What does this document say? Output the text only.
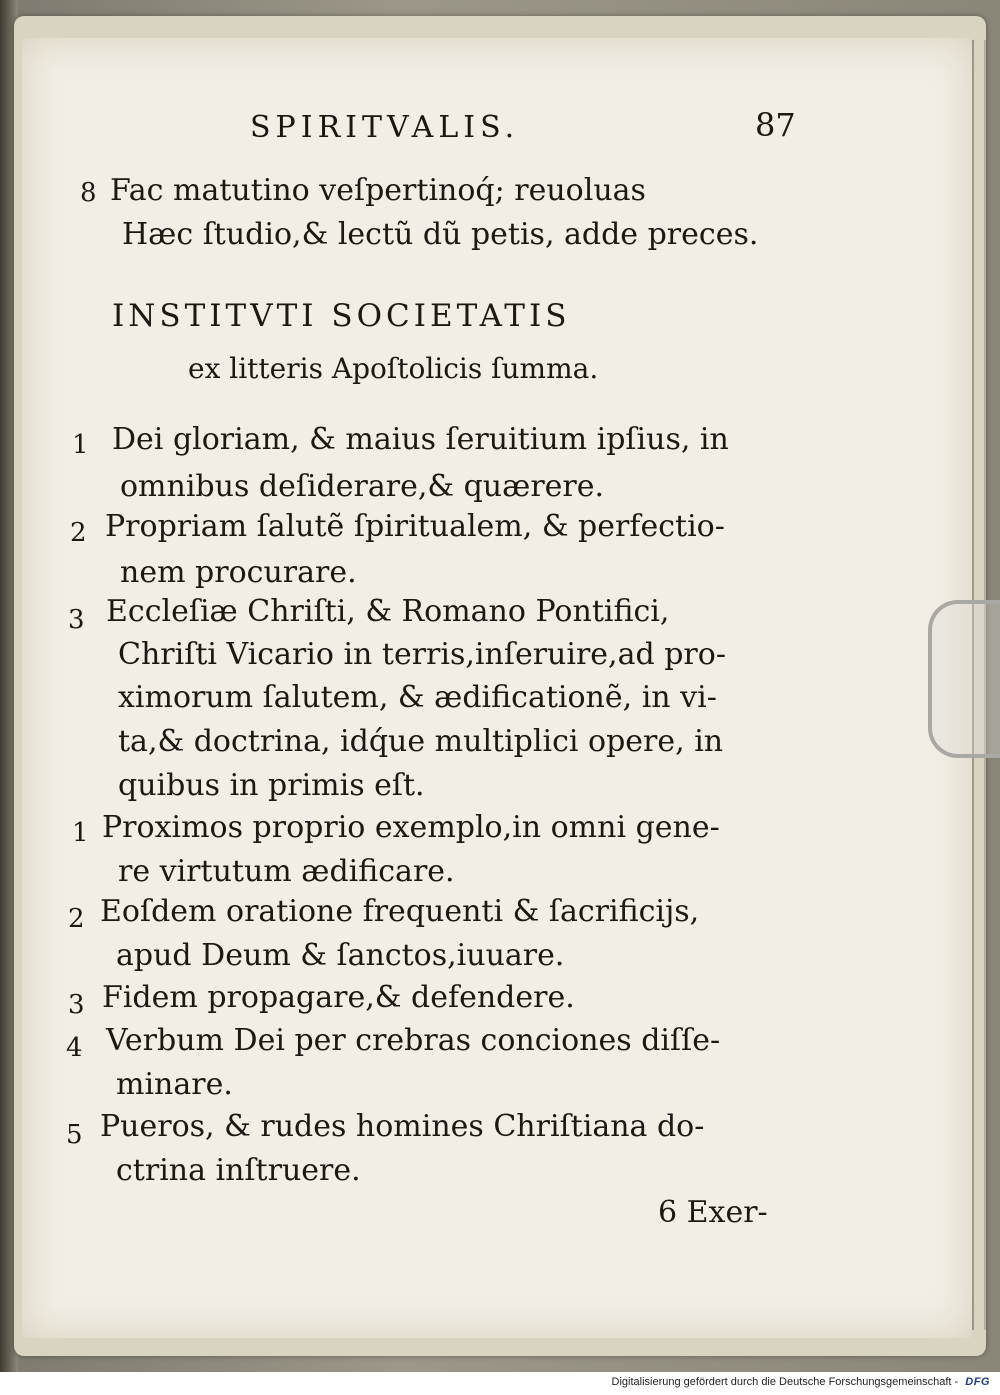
SPIRITVALIS.	87
8 Fac matutino veſpertinoq́; reuoluas
Hæc ſtudio,& lectũ dũ petis, adde preces.
INSTITVTI SOCIETATIS
ex litteris Apoſtolicis ſumma.
1 Dei gloriam, & maius ſeruitium ipſius, in
omnibus deſiderare,& quærere.
2 Propriam ſalutẽ ſpiritualem, & perfectio-
nem procurare.
3 Eccleſiæ Chriſti, & Romano Pontifici,
Chriſti Vicario in terris,inſeruire,ad pro-
ximorum ſalutem, & ædificationẽ, in vi-
ta,& doctrina, idq́ue multiplici opere, in
quibus in primis eſt.
1 Proximos proprio exemplo,in omni gene-
re virtutum ædificare.
2 Eoſdem oratione frequenti & ſacrificijs,
apud Deum & ſanctos,iuuare.
3 Fidem propagare,& defendere.
4 Verbum Dei per crebras conciones diſſe-
minare.
5 Pueros, & rudes homines Chriſtiana do-
ctrina inſtruere.
6 Exer-
Digitalisierung gefördert durch die Deutsche Forschungsgemeinschaft - DFG
